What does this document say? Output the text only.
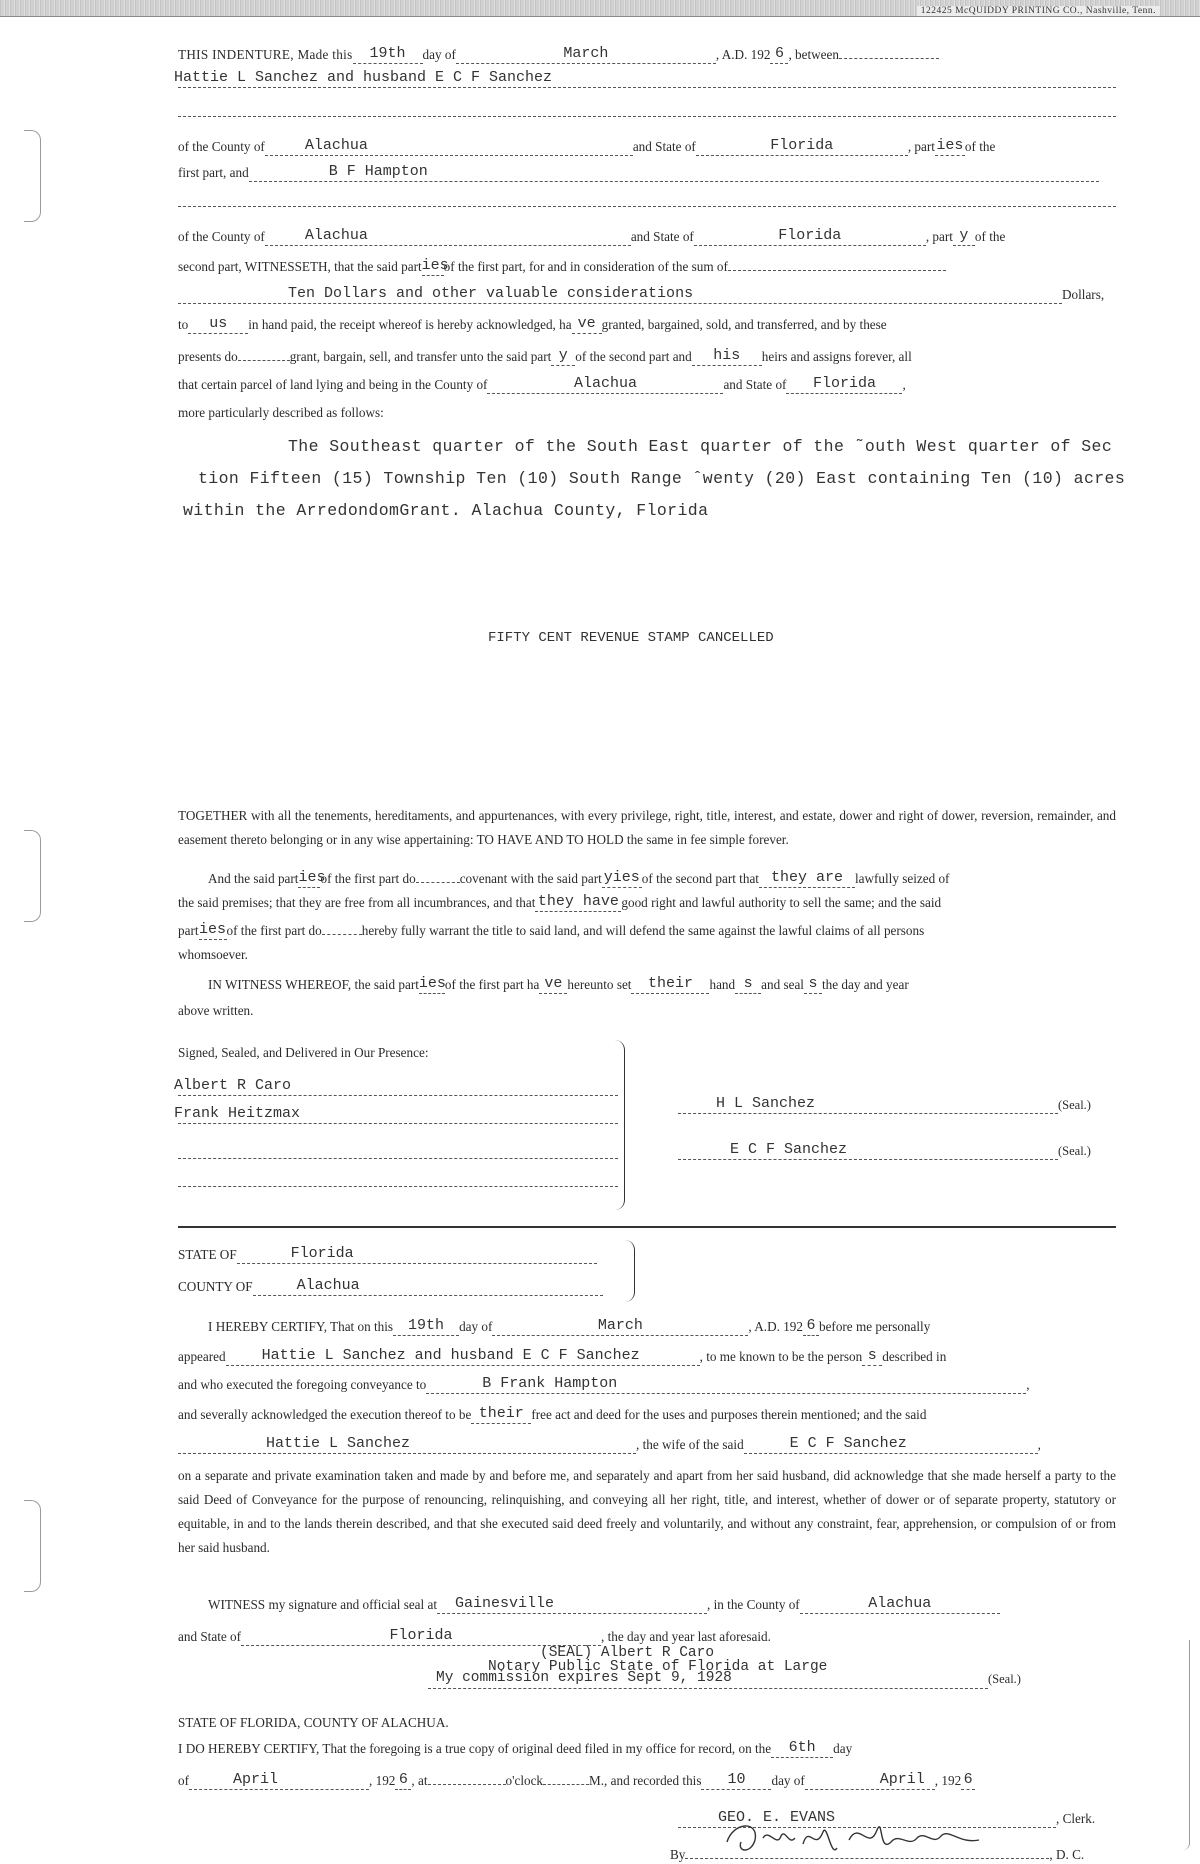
122425 McQUIDDY PRINTING CO., Nashville, Tenn.
THIS INDENTURE, Made this 19th day of	March	, A.D. 192 6 , between
Hattie L Sanchez and husband E C F Sanchez
of the County of	Alachua	and State of	Florida	, parties of the
first part, and	B F Hampton
of the County of	Alachua	and State of	Florida	, part y of the
second part, WITNESSETH, that the said partiesof the first part, for and in consideration of the sum of
Ten Dollars and other valuable considerations	Dollars,
to us in hand paid, the receipt whereof is hereby acknowledged, ha ve granted, bargained, sold, and transferred, and by these
presents do	grant, bargain, sell, and transfer unto the said part y of the second part and his heirs and assigns forever, all
that certain parcel of land lying and being in the County of	Alachua	and State of Florida ,
more particularly described as follows:
The Southeast quarter of the South East quarter of the ˜outh West quarter of Sec
tion Fifteen (15) Township Ten (10) South Range ˆwenty (20) East containing Ten (10) acres
within the ArredondomGrant. Alachua County, Florida
FIFTY CENT REVENUE STAMP CANCELLED
TOGETHER with all the tenements, hereditaments, and appurtenances, with every privilege, right, title, interest, and estate, dower and right of dower, reversion, remainder, and easement thereto belonging or in any wise appertaining: TO HAVE AND TO HOLD the same in fee simple forever.
And the said partiesof the first part do	covenant with the said part yies of the second part that they are lawfully seized of
the said premises; that they are free from all incumbrances, and that they have good right and lawful authority to sell the same; and the said
partiesof the first part do	hereby fully warrant the title to said land, and will defend the same against the lawful claims of all persons
whomsoever.
IN WITNESS WHEREOF, the said partiesof the first part ha ve hereunto set their hand s and seal s the day and year
above written.
Signed, Sealed, and Delivered in Our Presence:
Albert R Caro
Frank Heitzmax
H L Sanchez	(Seal.)
E C F Sanchez	(Seal.)
STATE OF	Florida
COUNTY OF	Alachua
I HEREBY CERTIFY, That on this 19th day of	March	, A.D. 192 6 before me personally
appeared Hattie L Sanchez and husband E C F Sanchez	, to me known to be the person s described in
and who executed the foregoing conveyance to	B Frank Hampton	,
and severally acknowledged the execution thereof to be their free act and deed for the uses and purposes therein mentioned; and the said
Hattie L Sanchez	, the wife of the said	E C F Sanchez	,
on a separate and private examination taken and made by and before me, and separately and apart from her said husband, did acknowledge that she made herself a party to the said Deed of Conveyance for the purpose of renouncing, relinquishing, and conveying all her right, title, and interest, whether of dower or of separate property, statutory or equitable, in and to the lands therein described, and that she executed said deed freely and voluntarily, and without any constraint, fear, apprehension, or compulsion of or from her said husband.
WITNESS my signature and official seal at Gainesville	, in the County of	Alachua
and State of	Florida	, the day and year last aforesaid.
(SEAL) Albert R Caro
Notary Public State of Florida at Large
My commission expires Sept 9, 1928	(Seal.)
STATE OF FLORIDA, COUNTY OF ALACHUA.
I DO HEREBY CERTIFY, That the foregoing is a true copy of original deed filed in my office for record, on the 6th day
of	April	, 192 6 , at	o'clock	M., and recorded this 10 day of	April , 192 6
GEO. E. EVANS	, Clerk.
By	, D. C.
